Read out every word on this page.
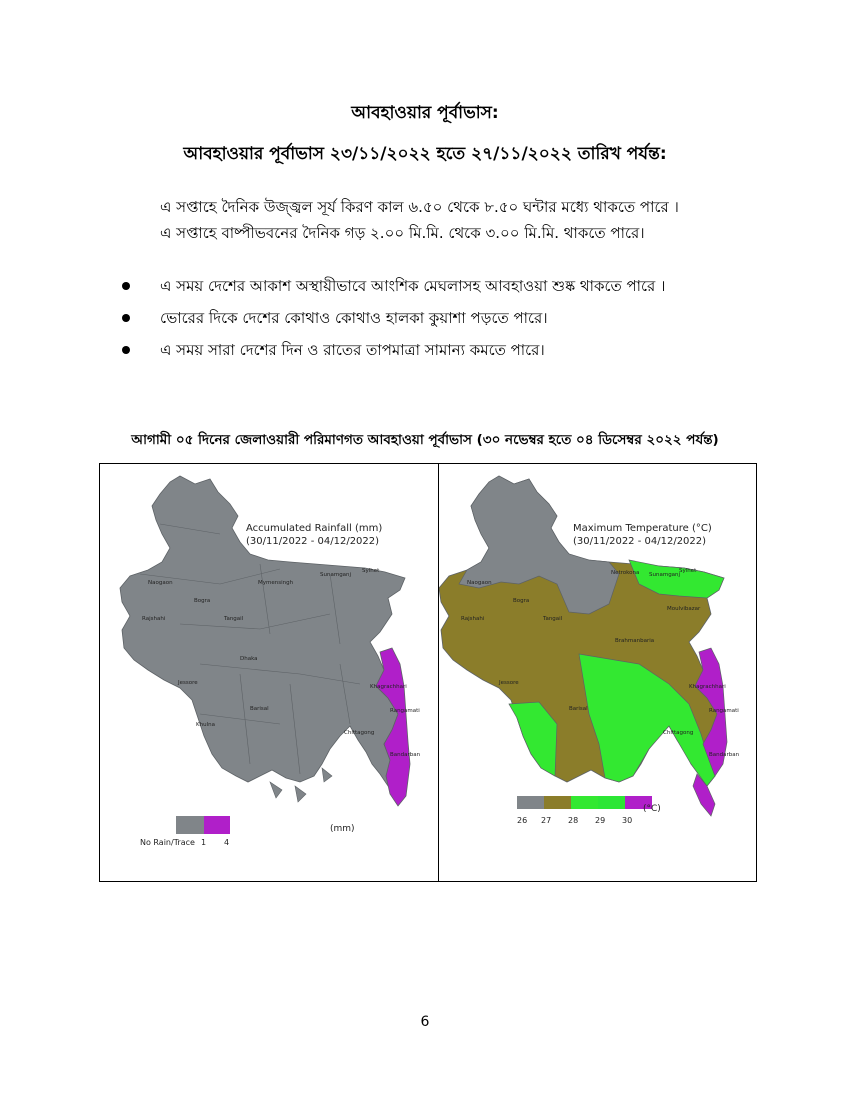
আবহাওয়ার পূর্বাভাস:
আবহাওয়ার পূর্বাভাস ২৩/১১/২০২২ হতে ২৭/১১/২০২২ তারিখ পর্যন্ত:
এ সপ্তাহে দৈনিক উজ্জ্বল সূর্য কিরণ কাল ৬.৫০ থেকে ৮.৫০ ঘন্টার মধ্যে থাকতে পারে ।
এ সপ্তাহে বাষ্পীভবনের দৈনিক গড় ২.০০ মি.মি. থেকে ৩.০০ মি.মি. থাকতে পারে।
এ সময় দেশের আকাশ অস্থায়ীভাবে আংশিক মেঘলাসহ আবহাওয়া শুষ্ক থাকতে পারে ।
ভোরের দিকে দেশের কোথাও কোথাও হালকা কুয়াশা পড়তে পারে।
এ সময় সারা দেশের দিন ও রাতের তাপমাত্রা সামান্য কমতে পারে।
আগামী ০৫ দিনের জেলাওয়ারী পরিমাণগত আবহাওয়া পূর্বাভাস (৩০ নভেম্বর হতে ০৪ ডিসেম্বর ২০২২ পর্যন্ত)
Naogaon
Rajshahi
Bogra
Tangail
Mymensingh
Sylhet
Sunamganj
Dhaka
Jessore
Khulna
Barisal
Chittagong
Rangamati
Bandarban
Khagrachhari
Accumulated Rainfall (mm)
(30/11/2022 - 04/12/2022)
No Rain/Trace 1 4
(mm)
Naogaon
Rajshahi
Bogra
Tangail
Netrokona Sunamganj
Sylhet
Moulvibazar
Brahmanbaria
Jessore
Barisal
Chittagong
Rangamati
Bandarban
Khagrachhari
Maximum Temperature (°C)
(30/11/2022 - 04/12/2022)
26 27 28 29 30
(°C)
6
